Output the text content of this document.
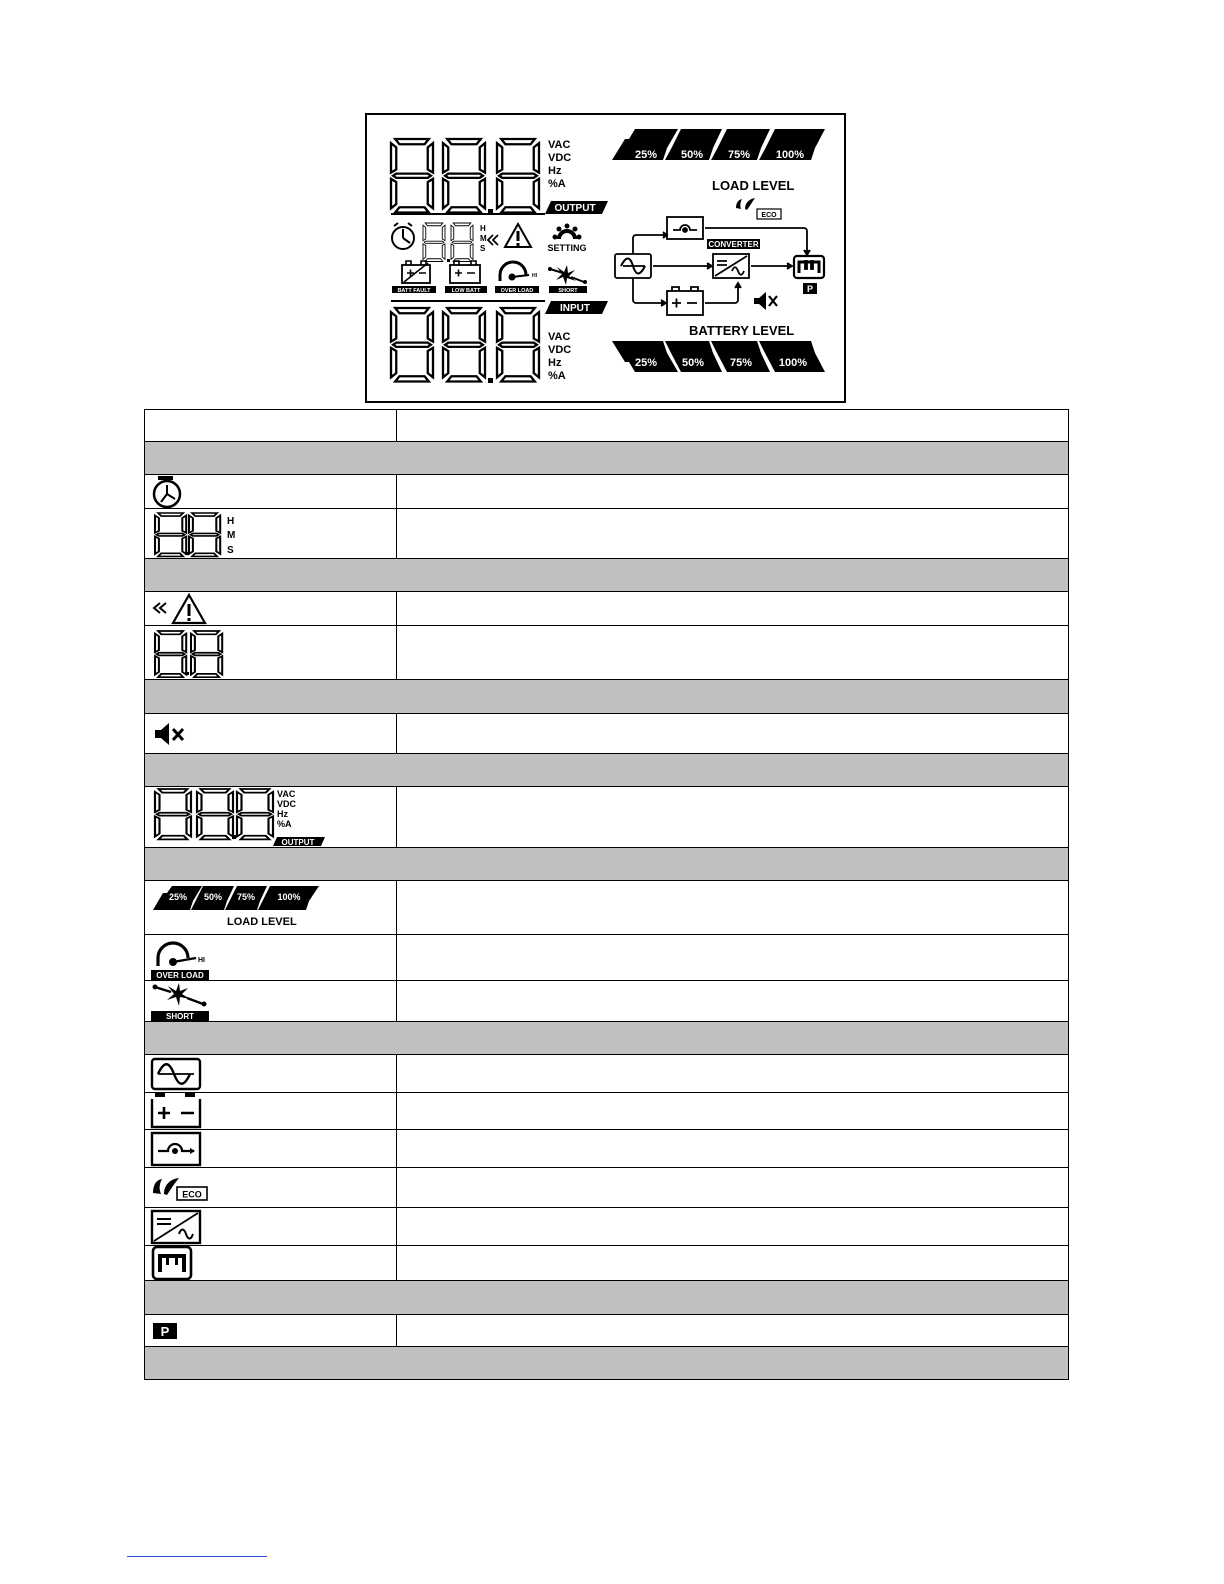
VAC
VDC
Hz
%A
OUTPUT
H
M
S	SETTING
BATT FAULT	LOW BATT
HI
OVER LOAD	SHORT
INPUT
VAC
VDC
Hz
%A
25% 50% 75% 100%
LOAD LEVEL
CONVERTER
ECO
P
BATTERY LEVEL
25% 50% 75% 100%

H
M
S	

VAC
VDC
Hz
%A
OUTPUT	

25% 50% 75% 100%
LOAD LEVEL	

HI
OVER LOAD	

SHORT	

ECO	

P	
